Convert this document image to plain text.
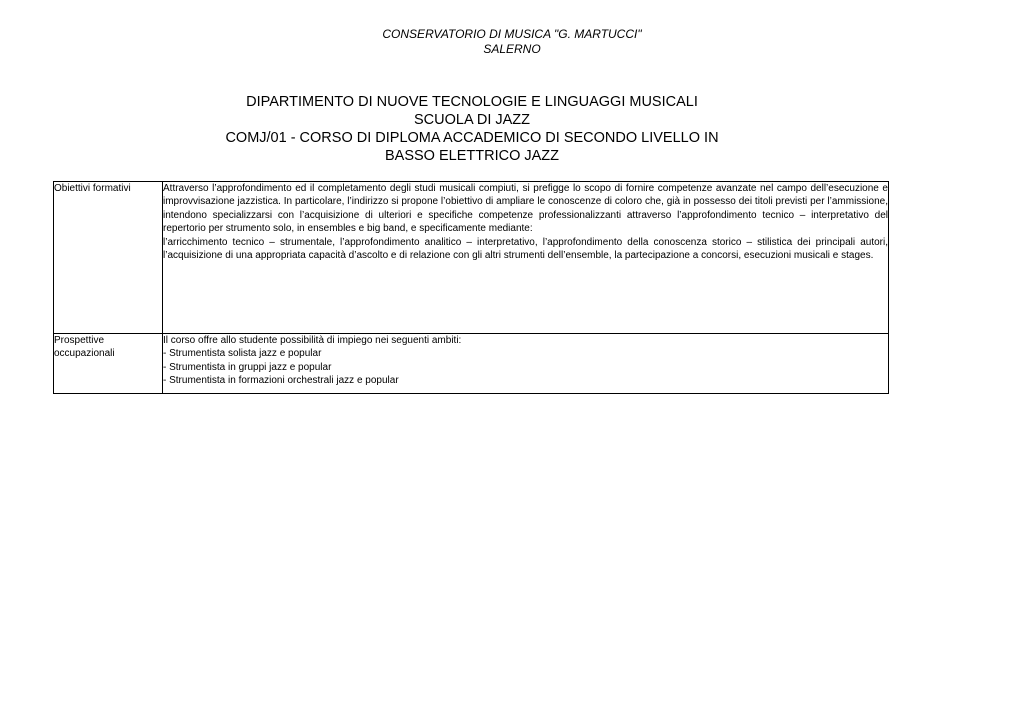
CONSERVATORIO DI MUSICA "G. MARTUCCI"
SALERNO
DIPARTIMENTO DI NUOVE TECNOLOGIE E LINGUAGGI MUSICALI
SCUOLA DI JAZZ
COMJ/01 - CORSO DI DIPLOMA ACCADEMICO DI SECONDO LIVELLO IN
BASSO ELETTRICO JAZZ
Obiettivi formativi	Attraverso l’approfondimento ed il completamento degli studi musicali compiuti, si prefigge lo scopo di fornire competenze avanzate nel campo dell’esecuzione e improvvisazione jazzistica. In particolare, l’indirizzo si propone l’obiettivo di ampliare le conoscenze di coloro che, già in possesso dei titoli previsti per l’ammissione, intendono specializzarsi con l’acquisizione di ulteriori e specifiche competenze professionalizzanti attraverso l’approfondimento tecnico – interpretativo del repertorio per strumento solo, in ensembles e big band, e specificamente mediante:

l’arricchimento tecnico – strumentale, l’approfondimento analitico – interpretativo, l’approfondimento della conoscenza storico – stilistica dei principali autori, l’acquisizione di una appropriata capacità d’ascolto e di relazione con gli altri strumenti dell’ensemble, la partecipazione a concorsi, esecuzioni musicali e stages.

Prospettive
occupazionali	Il corso offre allo studente possibilità di impiego nei seguenti ambiti:
- Strumentista solista jazz e popular
- Strumentista in gruppi jazz e popular
- Strumentista in formazioni orchestrali jazz e popular
